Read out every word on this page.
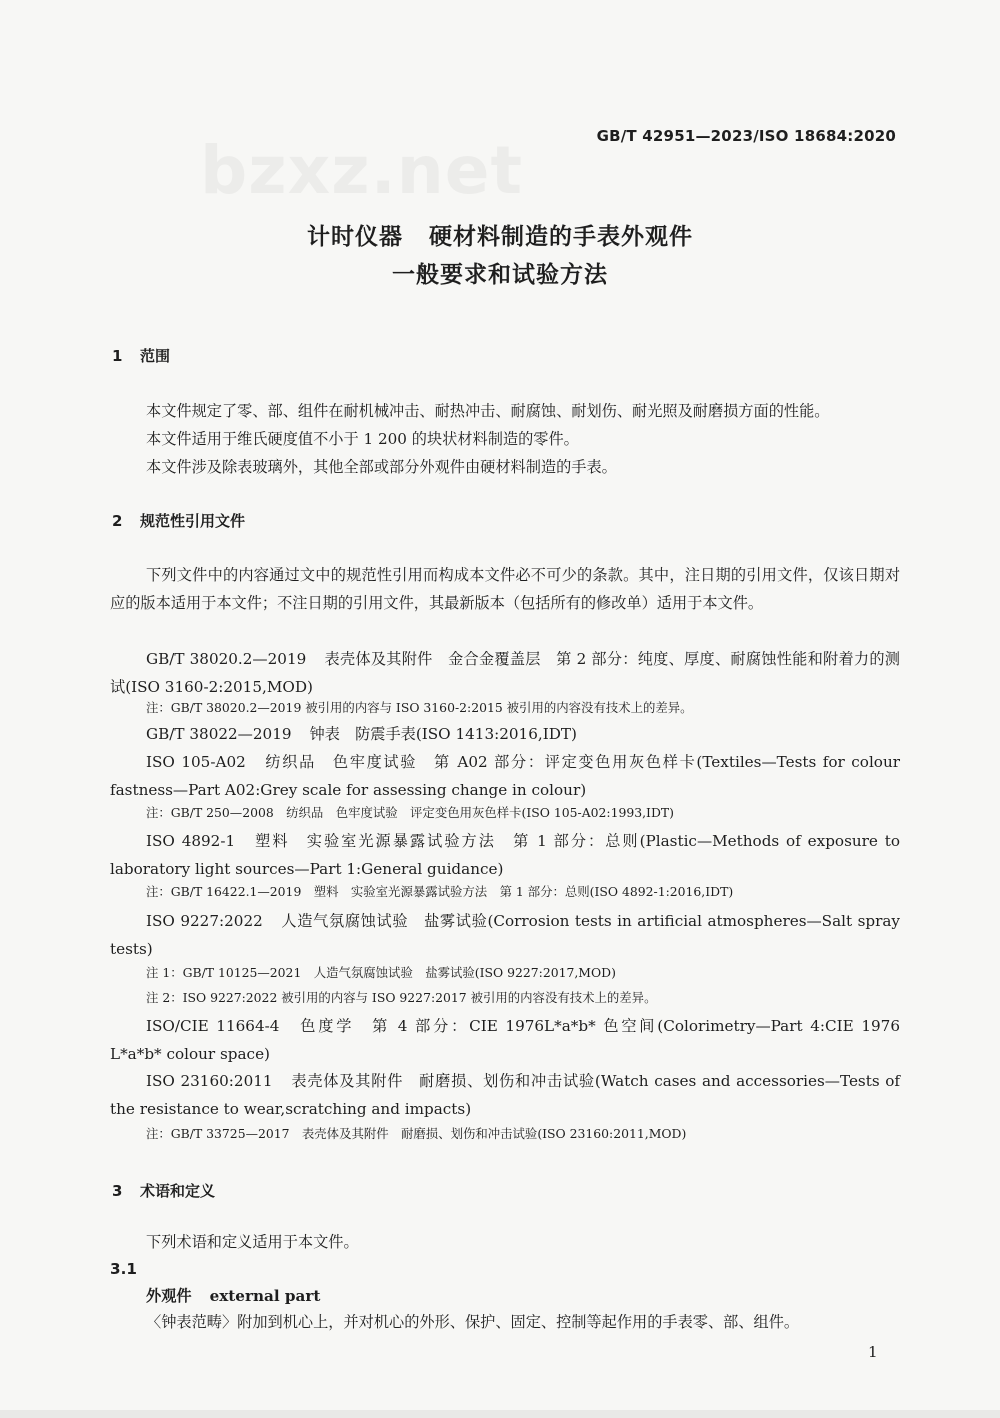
bzxz.net	GB/T 42951—2023/ISO 18684:2020
计时仪器 硬材料制造的手表外观件
一般要求和试验方法
1 范围
本文件规定了零、部、组件在耐机械冲击、耐热冲击、耐腐蚀、耐划伤、耐光照及耐磨损方面的性能。
本文件适用于维氏硬度值不小于 1 200 的块状材料制造的零件。
本文件涉及除表玻璃外，其他全部或部分外观件由硬材料制造的手表。
2 规范性引用文件
下列文件中的内容通过文中的规范性引用而构成本文件必不可少的条款。其中，注日期的引用文件，仅该日期对应的版本适用于本文件；不注日期的引用文件，其最新版本（包括所有的修改单）适用于本文件。
GB/T 38020.2—2019 表壳体及其附件　金合金覆盖层　第 2 部分：纯度、厚度、耐腐蚀性能和附着力的测试(ISO 3160-2:2015,MOD)
注：GB/T 38020.2—2019 被引用的内容与 ISO 3160-2:2015 被引用的内容没有技术上的差异。
GB/T 38022—2019 钟表　防震手表(ISO 1413:2016,IDT)
ISO 105-A02 纺织品　色牢度试验　第 A02 部分：评定变色用灰色样卡(Textiles—Tests for colour fastness—Part A02:Grey scale for assessing change in colour)
注：GB/T 250—2008　纺织品　色牢度试验　评定变色用灰色样卡(ISO 105-A02:1993,IDT)
ISO 4892-1 塑料　实验室光源暴露试验方法　第 1 部分：总则(Plastic—Methods of exposure to laboratory light sources—Part 1:General guidance)
注：GB/T 16422.1—2019　塑料　实验室光源暴露试验方法　第 1 部分：总则(ISO 4892-1:2016,IDT)
ISO 9227:2022 人造气氛腐蚀试验　盐雾试验(Corrosion tests in artificial atmospheres—Salt spray tests)
注 1：GB/T 10125—2021　人造气氛腐蚀试验　盐雾试验(ISO 9227:2017,MOD)
注 2：ISO 9227:2022 被引用的内容与 ISO 9227:2017 被引用的内容没有技术上的差异。
ISO/CIE 11664-4 色度学　第 4 部分：CIE 1976L*a*b* 色空间(Colorimetry—Part 4:CIE 1976 L*a*b* colour space)
ISO 23160:2011 表壳体及其附件　耐磨损、划伤和冲击试验(Watch cases and accessories—Tests of the resistance to wear,scratching and impacts)
注：GB/T 33725—2017　表壳体及其附件　耐磨损、划伤和冲击试验(ISO 23160:2011,MOD)
3 术语和定义
下列术语和定义适用于本文件。
3.1
外观件 external part
〈钟表范畴〉附加到机心上，并对机心的外形、保护、固定、控制等起作用的手表零、部、组件。
1
